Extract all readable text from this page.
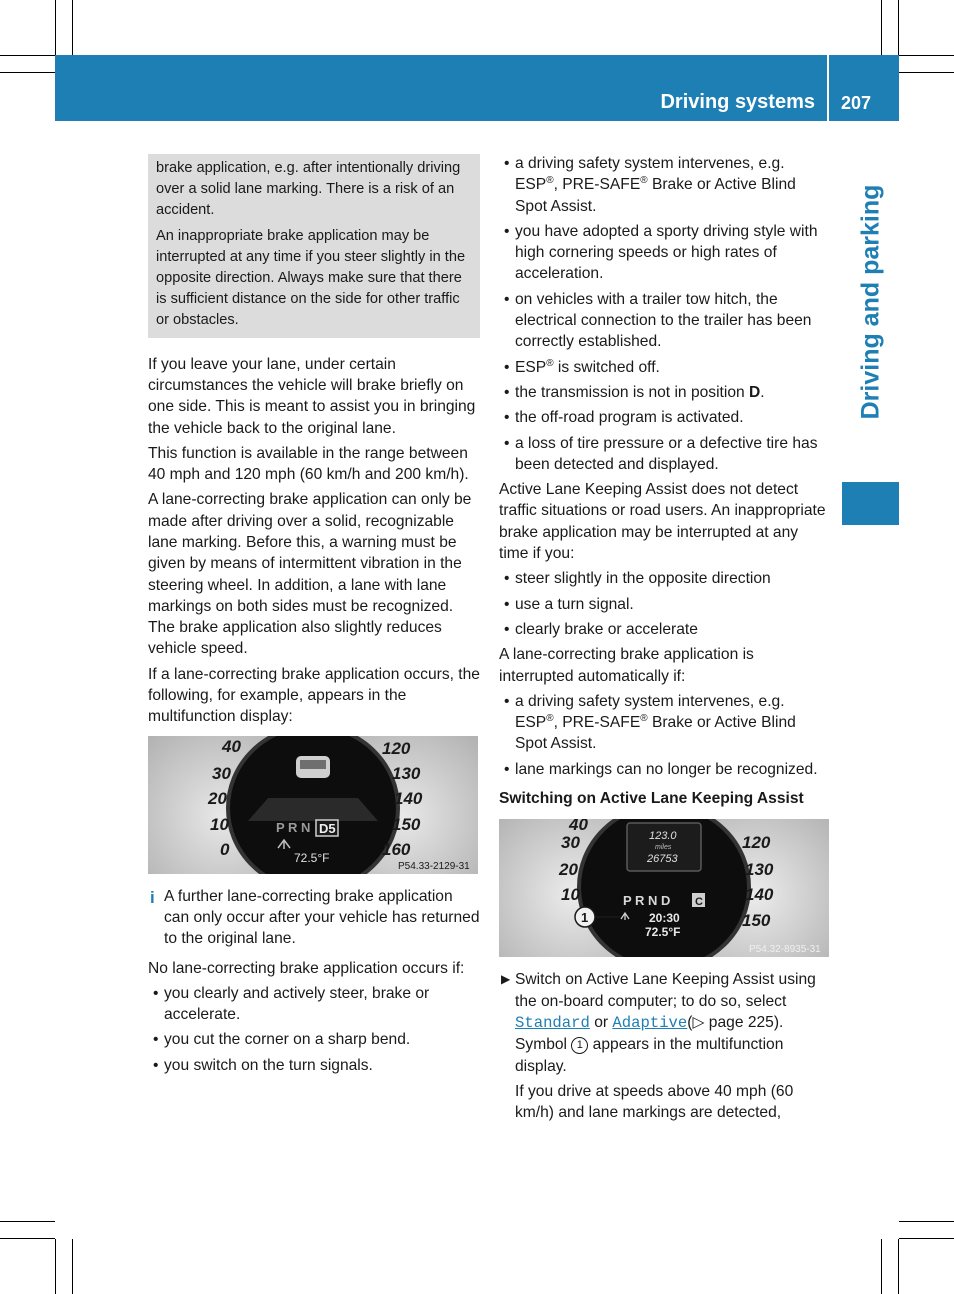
Driving systems 207
Driving and parking

brake application, e.g. after intentionally driving over a solid lane marking. There is a risk of an accident.

An inappropriate brake application may be interrupted at any time if you steer slightly in the opposite direction. Always make sure that there is sufficient distance on the side for other traffic or obstacles.

If you leave your lane, under certain circumstances the vehicle will brake briefly on one side. This is meant to assist you in bringing the vehicle back to the original lane.

This function is available in the range between 40 mph and 120 mph (60 km/h and 200 km/h).

A lane-correcting brake application can only be made after driving over a solid, recognizable lane marking. Before this, a warning must be given by means of intermittent vibration in the steering wheel. In addition, a lane with lane markings on both sides must be recognized. The brake application also slightly reduces vehicle speed.

If a lane-correcting brake application occurs, the following, for example, appears in the multifunction display:

40
30
20
10
0
120
130
140
150
160
P R N D5
72.5°F
P54.33-2129-31
i A further lane-correcting brake application can only occur after your vehicle has returned to the original lane.

No lane-correcting brake application occurs if:

• you clearly and actively steer, brake or accelerate.
• you cut the corner on a sharp bend.
• you switch on the turn signals.
• a driving safety system intervenes, e.g. ESP®, PRE-SAFE® Brake or Active Blind Spot Assist.
• you have adopted a sporty driving style with high cornering speeds or high rates of acceleration.
• on vehicles with a trailer tow hitch, the electrical connection to the trailer has been correctly established.
• ESP® is switched off.
• the transmission is not in position D.
• the off-road program is activated.
• a loss of tire pressure or a defective tire has been detected and displayed.

Active Lane Keeping Assist does not detect traffic situations or road users. An inappropriate brake application may be interrupted at any time if you:

• steer slightly in the opposite direction
• use a turn signal.
• clearly brake or accelerate

A lane-correcting brake application is interrupted automatically if:

• a driving safety system intervenes, e.g. ESP®, PRE-SAFE® Brake or Active Blind Spot Assist.
• lane markings can no longer be recognized.
Switching on Active Lane Keeping Assist
123.0
miles
26753
40
30
20
10
120
130
140
150
P R N D C
20:30
72.5°F
1
P54.32-8935-31
▶ Switch on Active Lane Keeping Assist using the on-board computer; to do so, select Standard or Adaptive(▷ page 225). Symbol 1 appears in the multifunction display.

If you drive at speeds above 40 mph (60 km/h) and lane markings are detected,
